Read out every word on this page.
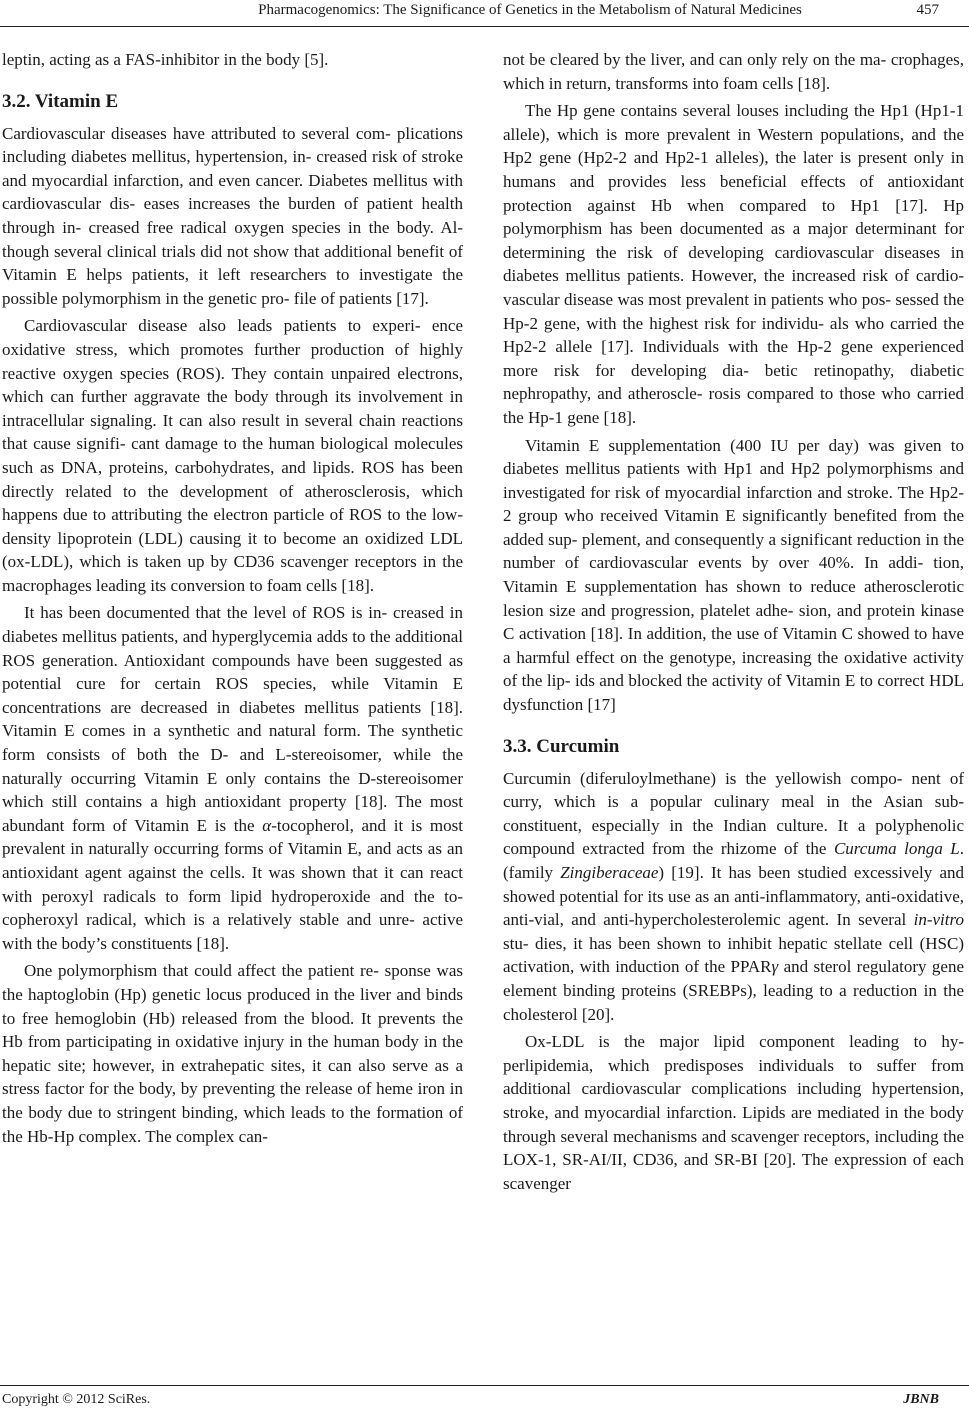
Pharmacogenomics: The Significance of Genetics in the Metabolism of Natural Medicines	457

leptin, acting as a FAS-inhibitor in the body [5].

3.2. Vitamin E

Cardiovascular diseases have attributed to several com- plications including diabetes mellitus, hypertension, in- creased risk of stroke and myocardial infarction, and even cancer. Diabetes mellitus with cardiovascular dis- eases increases the burden of patient health through in- creased free radical oxygen species in the body. Al- though several clinical trials did not show that additional benefit of Vitamin E helps patients, it left researchers to investigate the possible polymorphism in the genetic pro- file of patients [17].

Cardiovascular disease also leads patients to experi- ence oxidative stress, which promotes further production of highly reactive oxygen species (ROS). They contain unpaired electrons, which can further aggravate the body through its involvement in intracellular signaling. It can also result in several chain reactions that cause signifi- cant damage to the human biological molecules such as DNA, proteins, carbohydrates, and lipids. ROS has been directly related to the development of atherosclerosis, which happens due to attributing the electron particle of ROS to the low-density lipoprotein (LDL) causing it to become an oxidized LDL (ox-LDL), which is taken up by CD36 scavenger receptors in the macrophages leading its conversion to foam cells [18].

It has been documented that the level of ROS is in- creased in diabetes mellitus patients, and hyperglycemia adds to the additional ROS generation. Antioxidant compounds have been suggested as potential cure for certain ROS species, while Vitamin E concentrations are decreased in diabetes mellitus patients [18]. Vitamin E comes in a synthetic and natural form. The synthetic form consists of both the D- and L-stereoisomer, while the naturally occurring Vitamin E only contains the D-stereoisomer which still contains a high antioxidant property [18]. The most abundant form of Vitamin E is the α-tocopherol, and it is most prevalent in naturally occurring forms of Vitamin E, and acts as an antioxidant agent against the cells. It was shown that it can react with peroxyl radicals to form lipid hydroperoxide and the to- copheroxyl radical, which is a relatively stable and unre- active with the body’s constituents [18].

One polymorphism that could affect the patient re- sponse was the haptoglobin (Hp) genetic locus produced in the liver and binds to free hemoglobin (Hb) released from the blood. It prevents the Hb from participating in oxidative injury in the human body in the hepatic site; however, in extrahepatic sites, it can also serve as a stress factor for the body, by preventing the release of heme iron in the body due to stringent binding, which leads to the formation of the Hb-Hp complex. The complex can-

not be cleared by the liver, and can only rely on the ma- crophages, which in return, transforms into foam cells [18].

The Hp gene contains several louses including the Hp1 (Hp1-1 allele), which is more prevalent in Western populations, and the Hp2 gene (Hp2-2 and Hp2-1 alleles), the later is present only in humans and provides less beneficial effects of antioxidant protection against Hb when compared to Hp1 [17]. Hp polymorphism has been documented as a major determinant for determining the risk of developing cardiovascular diseases in diabetes mellitus patients. However, the increased risk of cardio- vascular disease was most prevalent in patients who pos- sessed the Hp-2 gene, with the highest risk for individu- als who carried the Hp2-2 allele [17]. Individuals with the Hp-2 gene experienced more risk for developing dia- betic retinopathy, diabetic nephropathy, and atheroscle- rosis compared to those who carried the Hp-1 gene [18].

Vitamin E supplementation (400 IU per day) was given to diabetes mellitus patients with Hp1 and Hp2 polymorphisms and investigated for risk of myocardial infarction and stroke. The Hp2-2 group who received Vitamin E significantly benefited from the added sup- plement, and consequently a significant reduction in the number of cardiovascular events by over 40%. In addi- tion, Vitamin E supplementation has shown to reduce atherosclerotic lesion size and progression, platelet adhe- sion, and protein kinase C activation [18]. In addition, the use of Vitamin C showed to have a harmful effect on the genotype, increasing the oxidative activity of the lip- ids and blocked the activity of Vitamin E to correct HDL dysfunction [17]

3.3. Curcumin

Curcumin (diferuloylmethane) is the yellowish compo- nent of curry, which is a popular culinary meal in the Asian sub- constituent, especially in the Indian culture. It a polyphenolic compound extracted from the rhizome of the Curcuma longa L. (family Zingiberaceae) [19]. It has been studied excessively and showed potential for its use as an anti-inflammatory, anti-oxidative, anti-vial, and anti-hypercholesterolemic agent. In several in-vitro stu- dies, it has been shown to inhibit hepatic stellate cell (HSC) activation, with induction of the PPARγ and sterol regulatory gene element binding proteins (SREBPs), leading to a reduction in the cholesterol [20].

Ox-LDL is the major lipid component leading to hy- perlipidemia, which predisposes individuals to suffer from additional cardiovascular complications including hypertension, stroke, and myocardial infarction. Lipids are mediated in the body through several mechanisms and scavenger receptors, including the LOX-1, SR-AI/II, CD36, and SR-BI [20]. The expression of each scavenger

Copyright © 2012 SciRes.	JBNB
